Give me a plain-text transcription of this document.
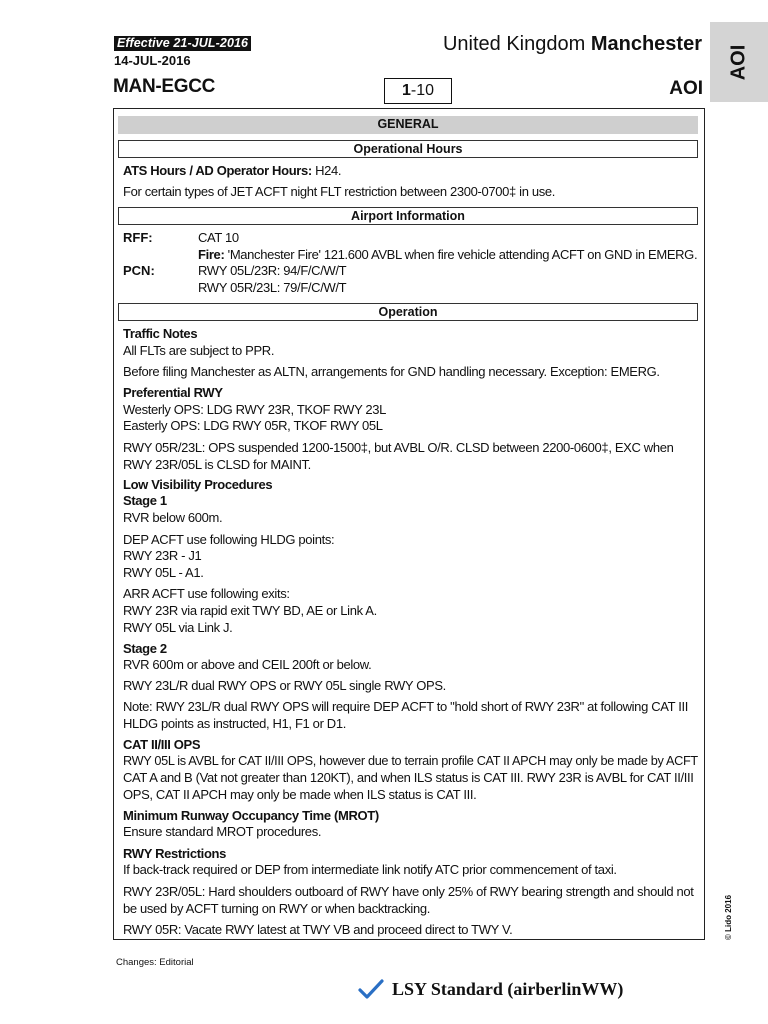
Effective 21-JUL-2016
14-JUL-2016
MAN-EGCC
United Kingdom Manchester
1-10	AOI
AOI
GENERAL
Operational Hours
ATS Hours / AD Operator Hours: H24.
For certain types of JET ACFT night FLT restriction between 2300-0700‡ in use.
Airport Information
RFF:	CAT 10
Fire: 'Manchester Fire' 121.600 AVBL when fire vehicle attending ACFT on GND in EMERG.
PCN:	RWY 05L/23R: 94/F/C/W/T
RWY 05R/23L: 79/F/C/W/T
Operation
Traffic Notes
All FLTs are subject to PPR.
Before filing Manchester as ALTN, arrangements for GND handling necessary. Exception: EMERG.
Preferential RWY
Westerly OPS: LDG RWY 23R, TKOF RWY 23L
Easterly OPS: LDG RWY 05R, TKOF RWY 05L
RWY 05R/23L: OPS suspended 1200-1500‡, but AVBL O/R. CLSD between 2200-0600‡, EXC when
RWY 23R/05L is CLSD for MAINT.
Low Visibility Procedures
Stage 1
RVR below 600m.
DEP ACFT use following HLDG points:
RWY 23R - J1
RWY 05L - A1.
ARR ACFT use following exits:
RWY 23R via rapid exit TWY BD, AE or Link A.
RWY 05L via Link J.
Stage 2
RVR 600m or above and CEIL 200ft or below.
RWY 23L/R dual RWY OPS or RWY 05L single RWY OPS.
Note: RWY 23L/R dual RWY OPS will require DEP ACFT to "hold short of RWY 23R" at following CAT III
HLDG points as instructed, H1, F1 or D1.
CAT II/III OPS
RWY 05L is AVBL for CAT II/III OPS, however due to terrain profile CAT II APCH may only be made by ACFT
CAT A and B (Vat not greater than 120KT), and when ILS status is CAT III. RWY 23R is AVBL for CAT II/III
OPS, CAT II APCH may only be made when ILS status is CAT III.
Minimum Runway Occupancy Time (MROT)
Ensure standard MROT procedures.
RWY Restrictions
If back-track required or DEP from intermediate link notify ATC prior commencement of taxi.
RWY 23R/05L: Hard shoulders outboard of RWY have only 25% of RWY bearing strength and should not
be used by ACFT turning on RWY or when backtracking.
RWY 05R: Vacate RWY latest at TWY VB and proceed direct to TWY V.	© Lido 2016
Changes: Editorial
LSY Standard (airberlinWW)
